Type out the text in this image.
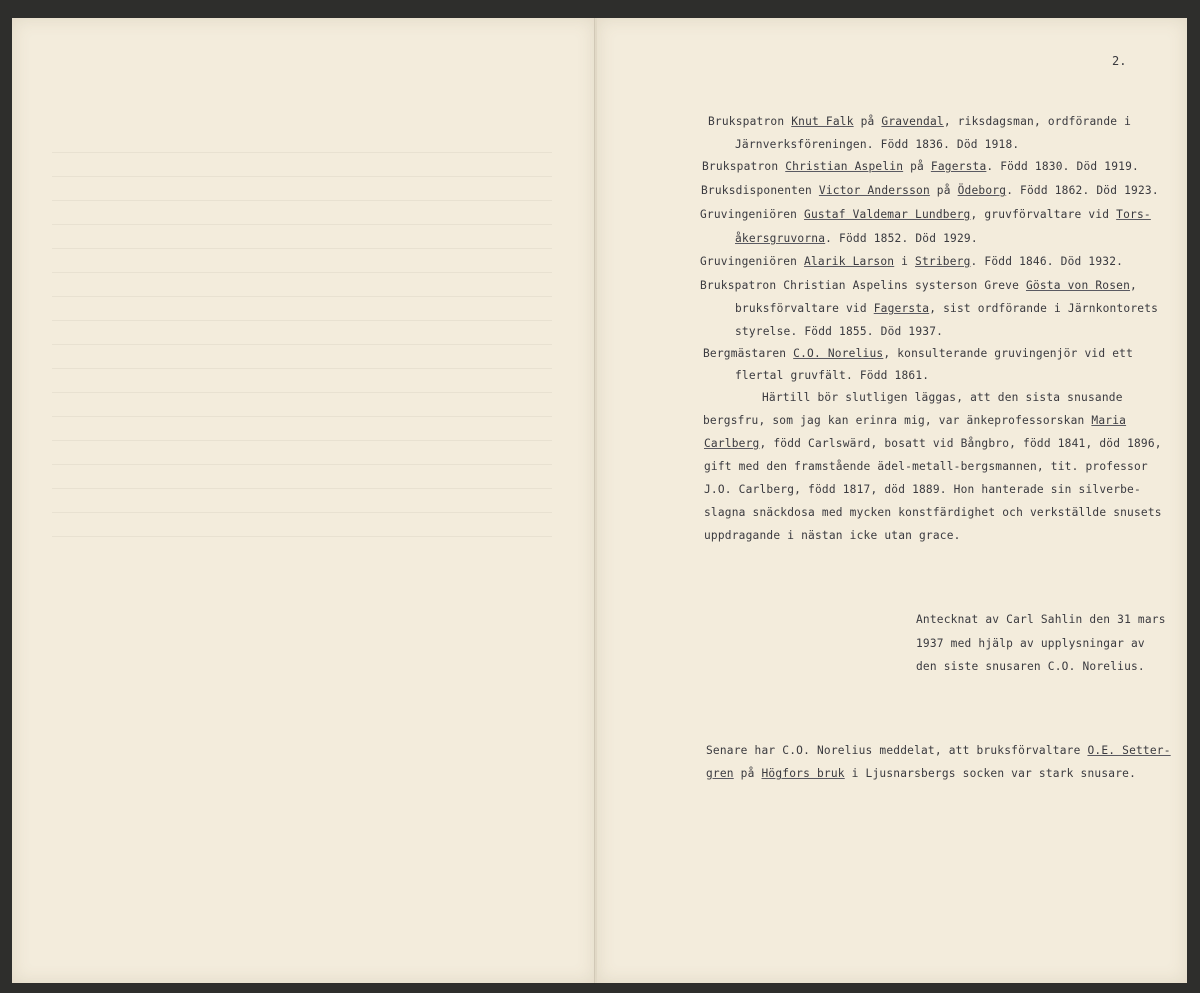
2.
Brukspatron Knut Falk på Gravendal, riksdagsman, ordförande i
Järnverksföreningen. Född 1836. Död 1918.
Brukspatron Christian Aspelin på Fagersta. Född 1830. Död 1919.
Bruksdisponenten Victor Andersson på Ödeborg. Född 1862. Död 1923.
Gruvingeniören Gustaf Valdemar Lundberg, gruvförvaltare vid Tors-
åkersgruvorna. Född 1852. Död 1929.
Gruvingeniören Alarik Larson i Striberg. Född 1846. Död 1932.
Brukspatron Christian Aspelins systerson Greve Gösta von Rosen,
bruksförvaltare vid Fagersta, sist ordförande i Järnkontorets
styrelse. Född 1855. Död 1937.
Bergmästaren C.O. Norelius, konsulterande gruvingenjör vid ett
flertal gruvfält. Född 1861.
Härtill bör slutligen läggas, att den sista snusande
bergsfru, som jag kan erinra mig, var änkeprofessorskan Maria
Carlberg, född Carlswärd, bosatt vid Bångbro, född 1841, död 1896,
gift med den framstående ädel-metall-bergsmannen, tit. professor
J.O. Carlberg, född 1817, död 1889. Hon hanterade sin silverbe-
slagna snäckdosa med mycken konstfärdighet och verkställde snusets
uppdragande i nästan icke utan grace.
Antecknat av Carl Sahlin den 31 mars
1937 med hjälp av upplysningar av
den siste snusaren C.O. Norelius.
Senare har C.O. Norelius meddelat, att bruksförvaltare O.E. Setter-
gren på Högfors bruk i Ljusnarsbergs socken var stark snusare.
